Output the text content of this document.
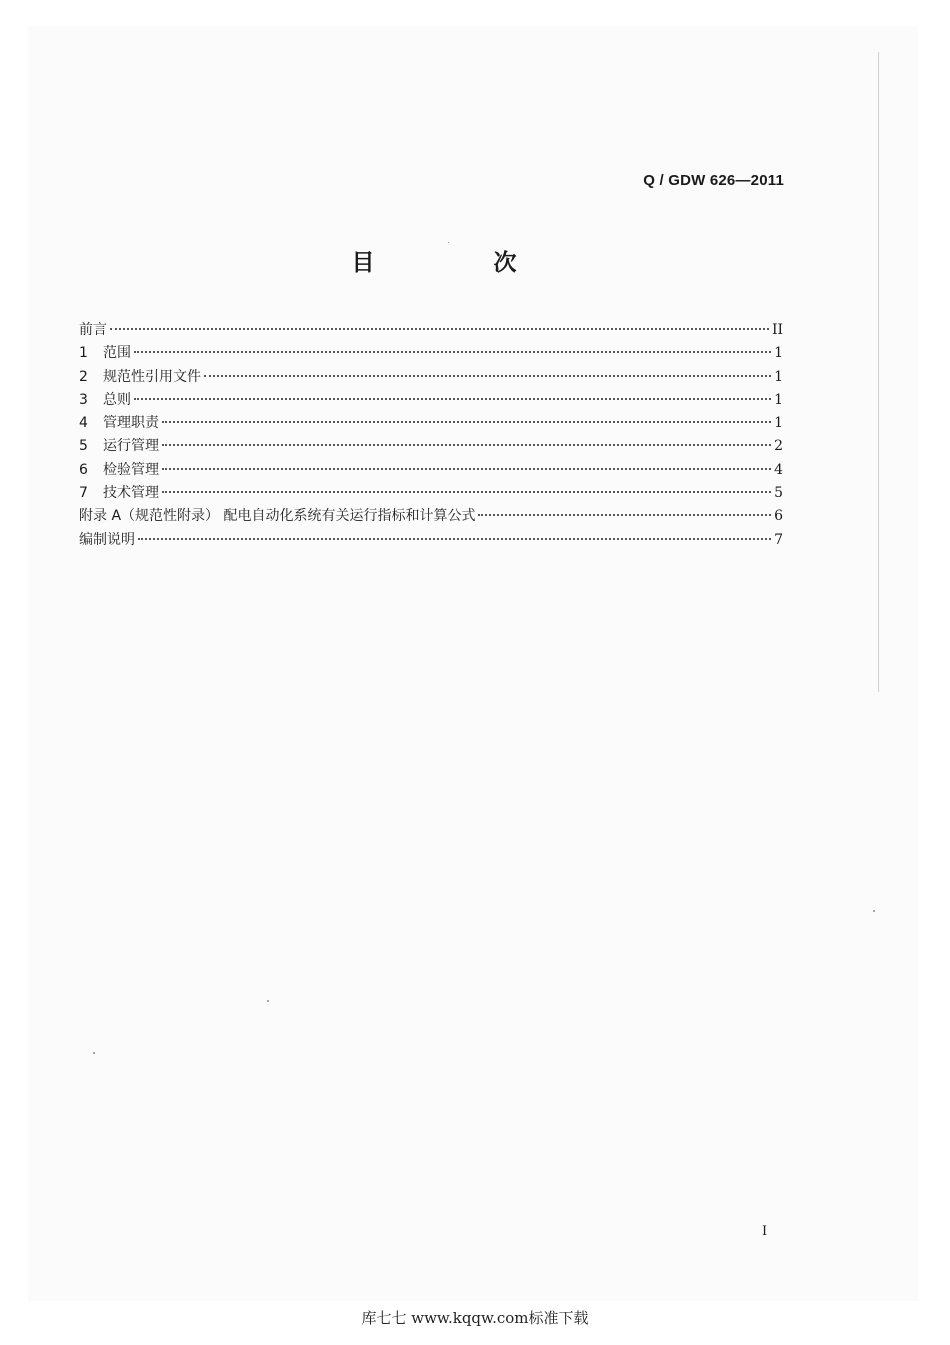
Q / GDW 626—2011
目　次
前言	II
1	范围	1
2	规范性引用文件	1
3	总则	1
4	管理职责	1
5	运行管理	2
6	检验管理	4
7	技术管理	5
附录 A（规范性附录） 配电自动化系统有关运行指标和计算公式	6
编制说明	7
I
库七七 www.kqqw.com标准下载
